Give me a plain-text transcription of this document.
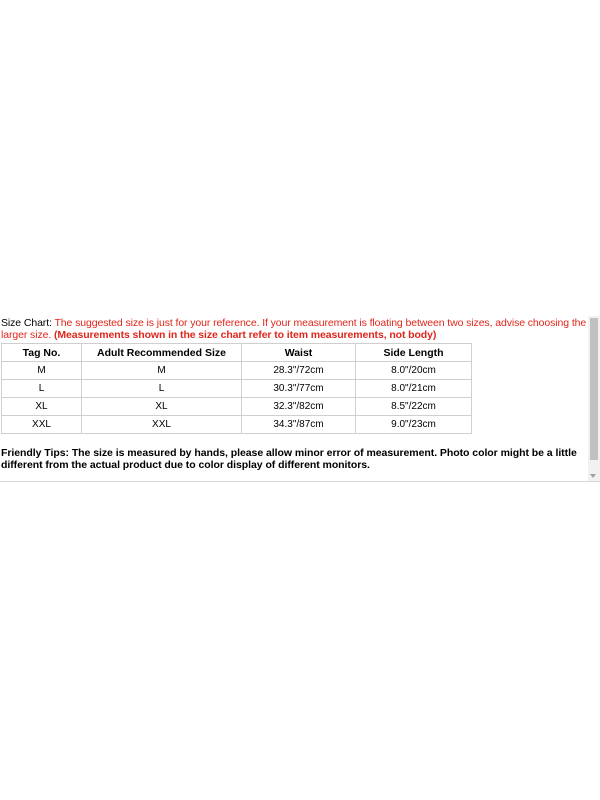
Size Chart: The suggested size is just for your reference. If your measurement is floating between two sizes, advise choosing the larger size. (Measurements shown in the size chart refer to item measurements, not body)

Tag No.	Adult Recommended Size	Waist	Side Length
M	M	28.3"/72cm	8.0"/20cm
L	L	30.3"/77cm	8.0"/21cm
XL	XL	32.3"/82cm	8.5"/22cm
XXL	XXL	34.3"/87cm	9.0"/23cm

Friendly Tips: The size is measured by hands, please allow minor error of measurement. Photo color might be a little different from the actual product due to color display of different monitors.
